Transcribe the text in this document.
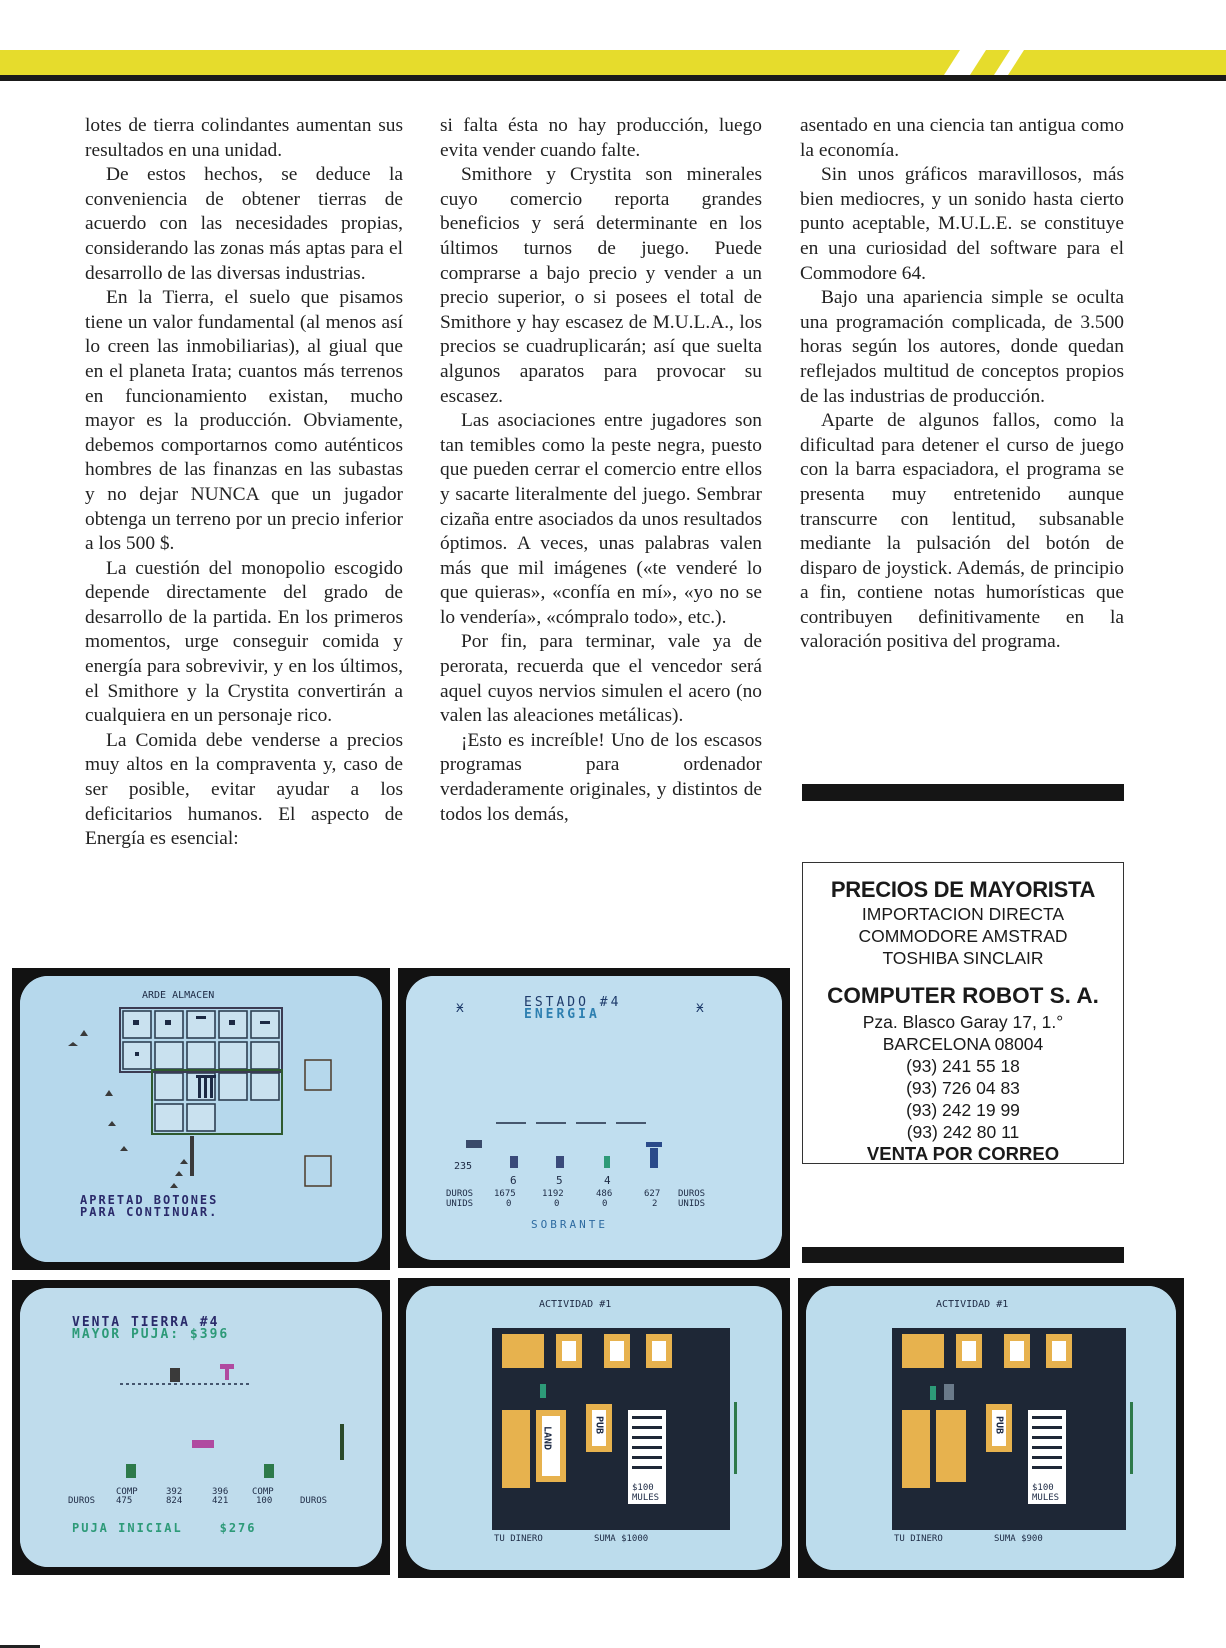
lotes de tierra colindantes aumentan sus resultados en una unidad.

De estos hechos, se deduce la conveniencia de obtener tierras de acuerdo con las necesidades propias, considerando las zonas más aptas para el desarrollo de las diversas industrias.

En la Tierra, el suelo que pisamos tiene un valor fundamental (al menos así lo creen las inmobiliarias), al giual que en el planeta Irata; cuantos más terrenos en funcionamiento existan, mucho mayor es la producción. Obviamente, debemos comportarnos como auténticos hombres de las finanzas en las subastas y no dejar NUNCA que un jugador obtenga un terreno por un precio inferior a los 500 $.

La cuestión del monopolio escogido depende directamente del grado de desarrollo de la partida. En los primeros momentos, urge conseguir comida y energía para sobrevivir, y en los últimos, el Smithore y la Crystita convertirán a cualquiera en un personaje rico.

La Comida debe venderse a precios muy altos en la compraventa y, caso de ser posible, evitar ayudar a los deficitarios humanos. El aspecto de Energía es esencial:

si falta ésta no hay producción, luego evita vender cuando falte.

Smithore y Crystita son minerales cuyo comercio reporta grandes beneficios y será determinante en los últimos turnos de juego. Puede comprarse a bajo precio y vender a un precio superior, o si posees el total de Smithore y hay escasez de M.U.L.A., los precios se cuadruplicarán; así que suelta algunos aparatos para provocar su escasez.

Las asociaciones entre jugadores son tan temibles como la peste negra, puesto que pueden cerrar el comercio entre ellos y sacarte literalmente del juego. Sembrar cizaña entre asociados da unos resultados óptimos. A veces, unas palabras valen más que mil imágenes («te venderé lo que quieras», «confía en mí», «yo no se lo vendería», «cómpralo todo», etc.).

Por fin, para terminar, vale ya de perorata, recuerda que el vencedor será aquel cuyos nervios simulen el acero (no valen las aleaciones metálicas).

¡Esto es increíble! Uno de los escasos programas para ordenador verdaderamente originales, y distintos de todos los demás,

asentado en una ciencia tan antigua como la economía.

Sin unos gráficos maravillosos, más bien mediocres, y un sonido hasta cierto punto aceptable, M.U.L.E. se constituye en una curiosidad del software para el Commodore 64.

Bajo una apariencia simple se oculta una programación complicada, de 3.500 horas según los autores, donde quedan reflejados multitud de conceptos propios de las industrias de producción.

Aparte de algunos fallos, como la dificultad para detener el curso de juego con la barra espaciadora, el programa se presenta muy entretenido aunque transcurre con lentitud, subsanable mediante la pulsación del botón de disparo de joystick. Además, de principio a fin, contiene notas humorísticas que contribuyen definitivamente en la valoración positiva del programa.

PRECIOS DE MAYORISTA
IMPORTACION DIRECTA
COMMODORE AMSTRAD
TOSHIBA SINCLAIR
COMPUTER ROBOT S. A.
Pza. Blasco Garay 17, 1.°
BARCELONA 08004
(93) 241 55 18
(93) 726 04 83
(93) 242 19 99
(93) 242 80 11
VENTA POR CORREO
ARDE ALMACEN
APRETAD BOTONES
PARA CONTINUAR.
ESTADO #4
ENERGIA
Ӿ	Ӿ
235
6	5	4
DUROS
UNIDS
1675	1192	486	627
0	0	0	2
DUROS
UNIDS
SOBRANTE
VENTA TIERRA #4
MAYOR PUJA: $396
COMP
475
392
824
396
421
COMP
100
DUROS	DUROS
PUJA INICIAL    $276
ACTIVIDAD #1
LAND
PUB
$100
MULES
TU DINERO	SUMA $1000
ACTIVIDAD #1
PUB
$100
MULES
TU DINERO	SUMA $900
